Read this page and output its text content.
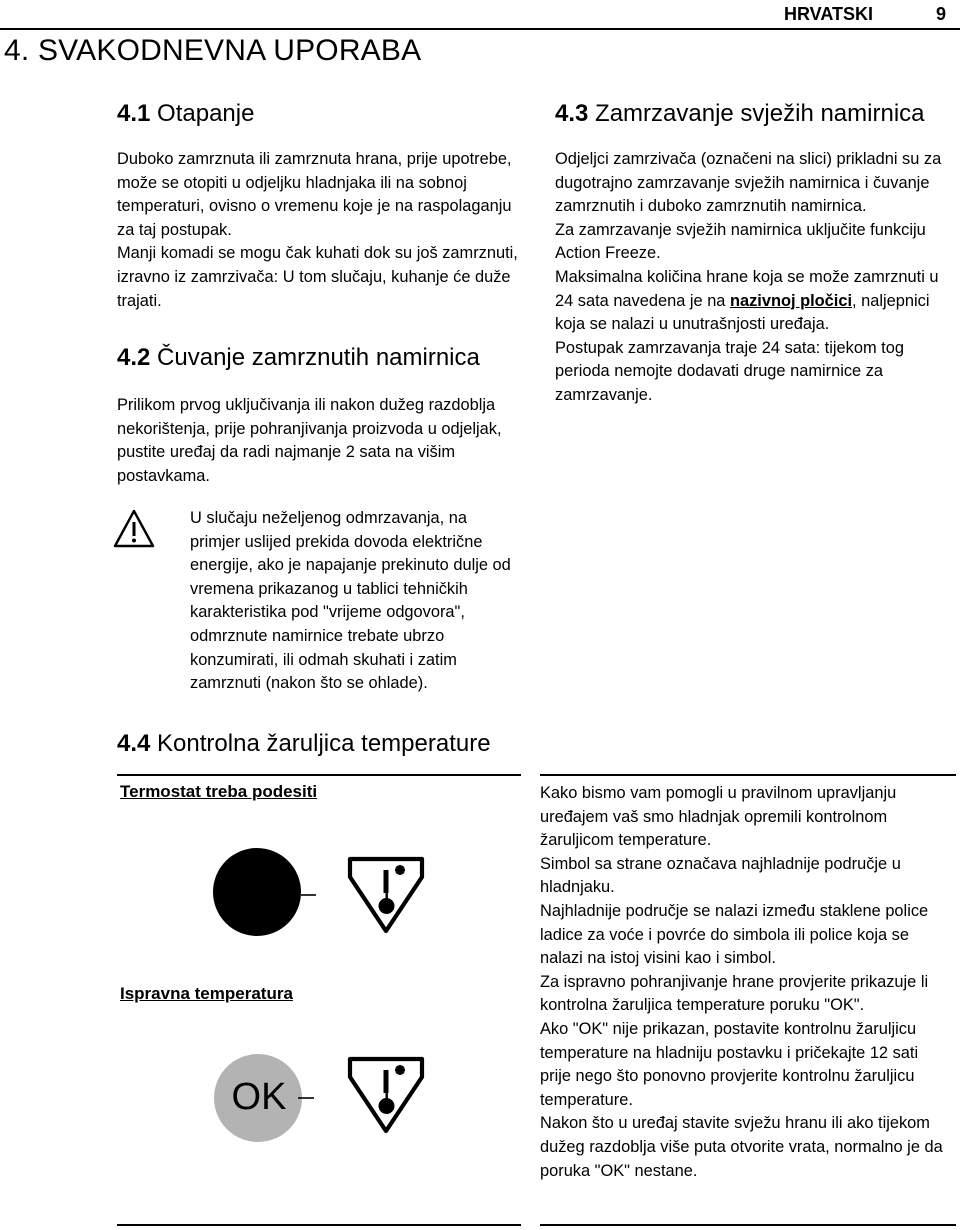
HRVATSKI	9
4. SVAKODNEVNA UPORABA
4.1 Otapanje

Duboko zamrznuta ili zamrznuta hrana, prije upotrebe, može se otopiti u odjeljku hladnjaka ili na sobnoj temperaturi, ovisno o vremenu koje je na raspolaganju za taj postupak.

Manji komadi se mogu čak kuhati dok su još zamrznuti, izravno iz zamrzivača: U tom slučaju, kuhanje će duže trajati.

4.2 Čuvanje zamrznutih namirnica

Prilikom prvog uključivanja ili nakon dužeg razdoblja nekorištenja, prije pohranjivanja proizvoda u odjeljak, pustite uređaj da radi najmanje 2 sata na višim postavkama.

U slučaju neželjenog odmrzavanja, na primjer uslijed prekida dovoda električne energije, ako je napajanje prekinuto dulje od vremena prikazanog u tablici tehničkih karakteristika pod "vrijeme odgovora", odmrznute namirnice trebate ubrzo konzumirati, ili odmah skuhati i zatim zamrznuti (nakon što se ohlade).

4.3 Zamrzavanje svježih namirnica

Odjeljci zamrzivača (označeni na slici) prikladni su za dugotrajno zamrzavanje svježih namirnica i čuvanje zamrznutih i duboko zamrznutih namirnica.

Za zamrzavanje svježih namirnica uključite funkciju Action Freeze.

Maksimalna količina hrane koja se može zamrznuti u 24 sata navedena je na nazivnoj pločici, naljepnici koja se nalazi u unutrašnjosti uređaja.

Postupak zamrzavanja traje 24 sata: tijekom tog perioda nemojte dodavati druge namirnice za zamrzavanje.

4.4 Kontrolna žaruljica temperature
Termostat treba podesiti
Ispravna temperatura
OK

Kako bismo vam pomogli u pravilnom upravljanju uređajem vaš smo hladnjak opremili kontrolnom žaruljicom temperature.

Simbol sa strane označava najhladnije područje u hladnjaku.

Najhladnije područje se nalazi između staklene police ladice za voće i povrće do simbola ili police koja se nalazi na istoj visini kao i simbol.

Za ispravno pohranjivanje hrane provjerite prikazuje li kontrolna žaruljica temperature poruku "OK".

Ako "OK" nije prikazan, postavite kontrolnu žaruljicu temperature na hladniju postavku i pričekajte 12 sati prije nego što ponovno provjerite kontrolnu žaruljicu temperature.

Nakon što u uređaj stavite svježu hranu ili ako tijekom dužeg razdoblja više puta otvorite vrata, normalno je da poruka "OK" nestane.
